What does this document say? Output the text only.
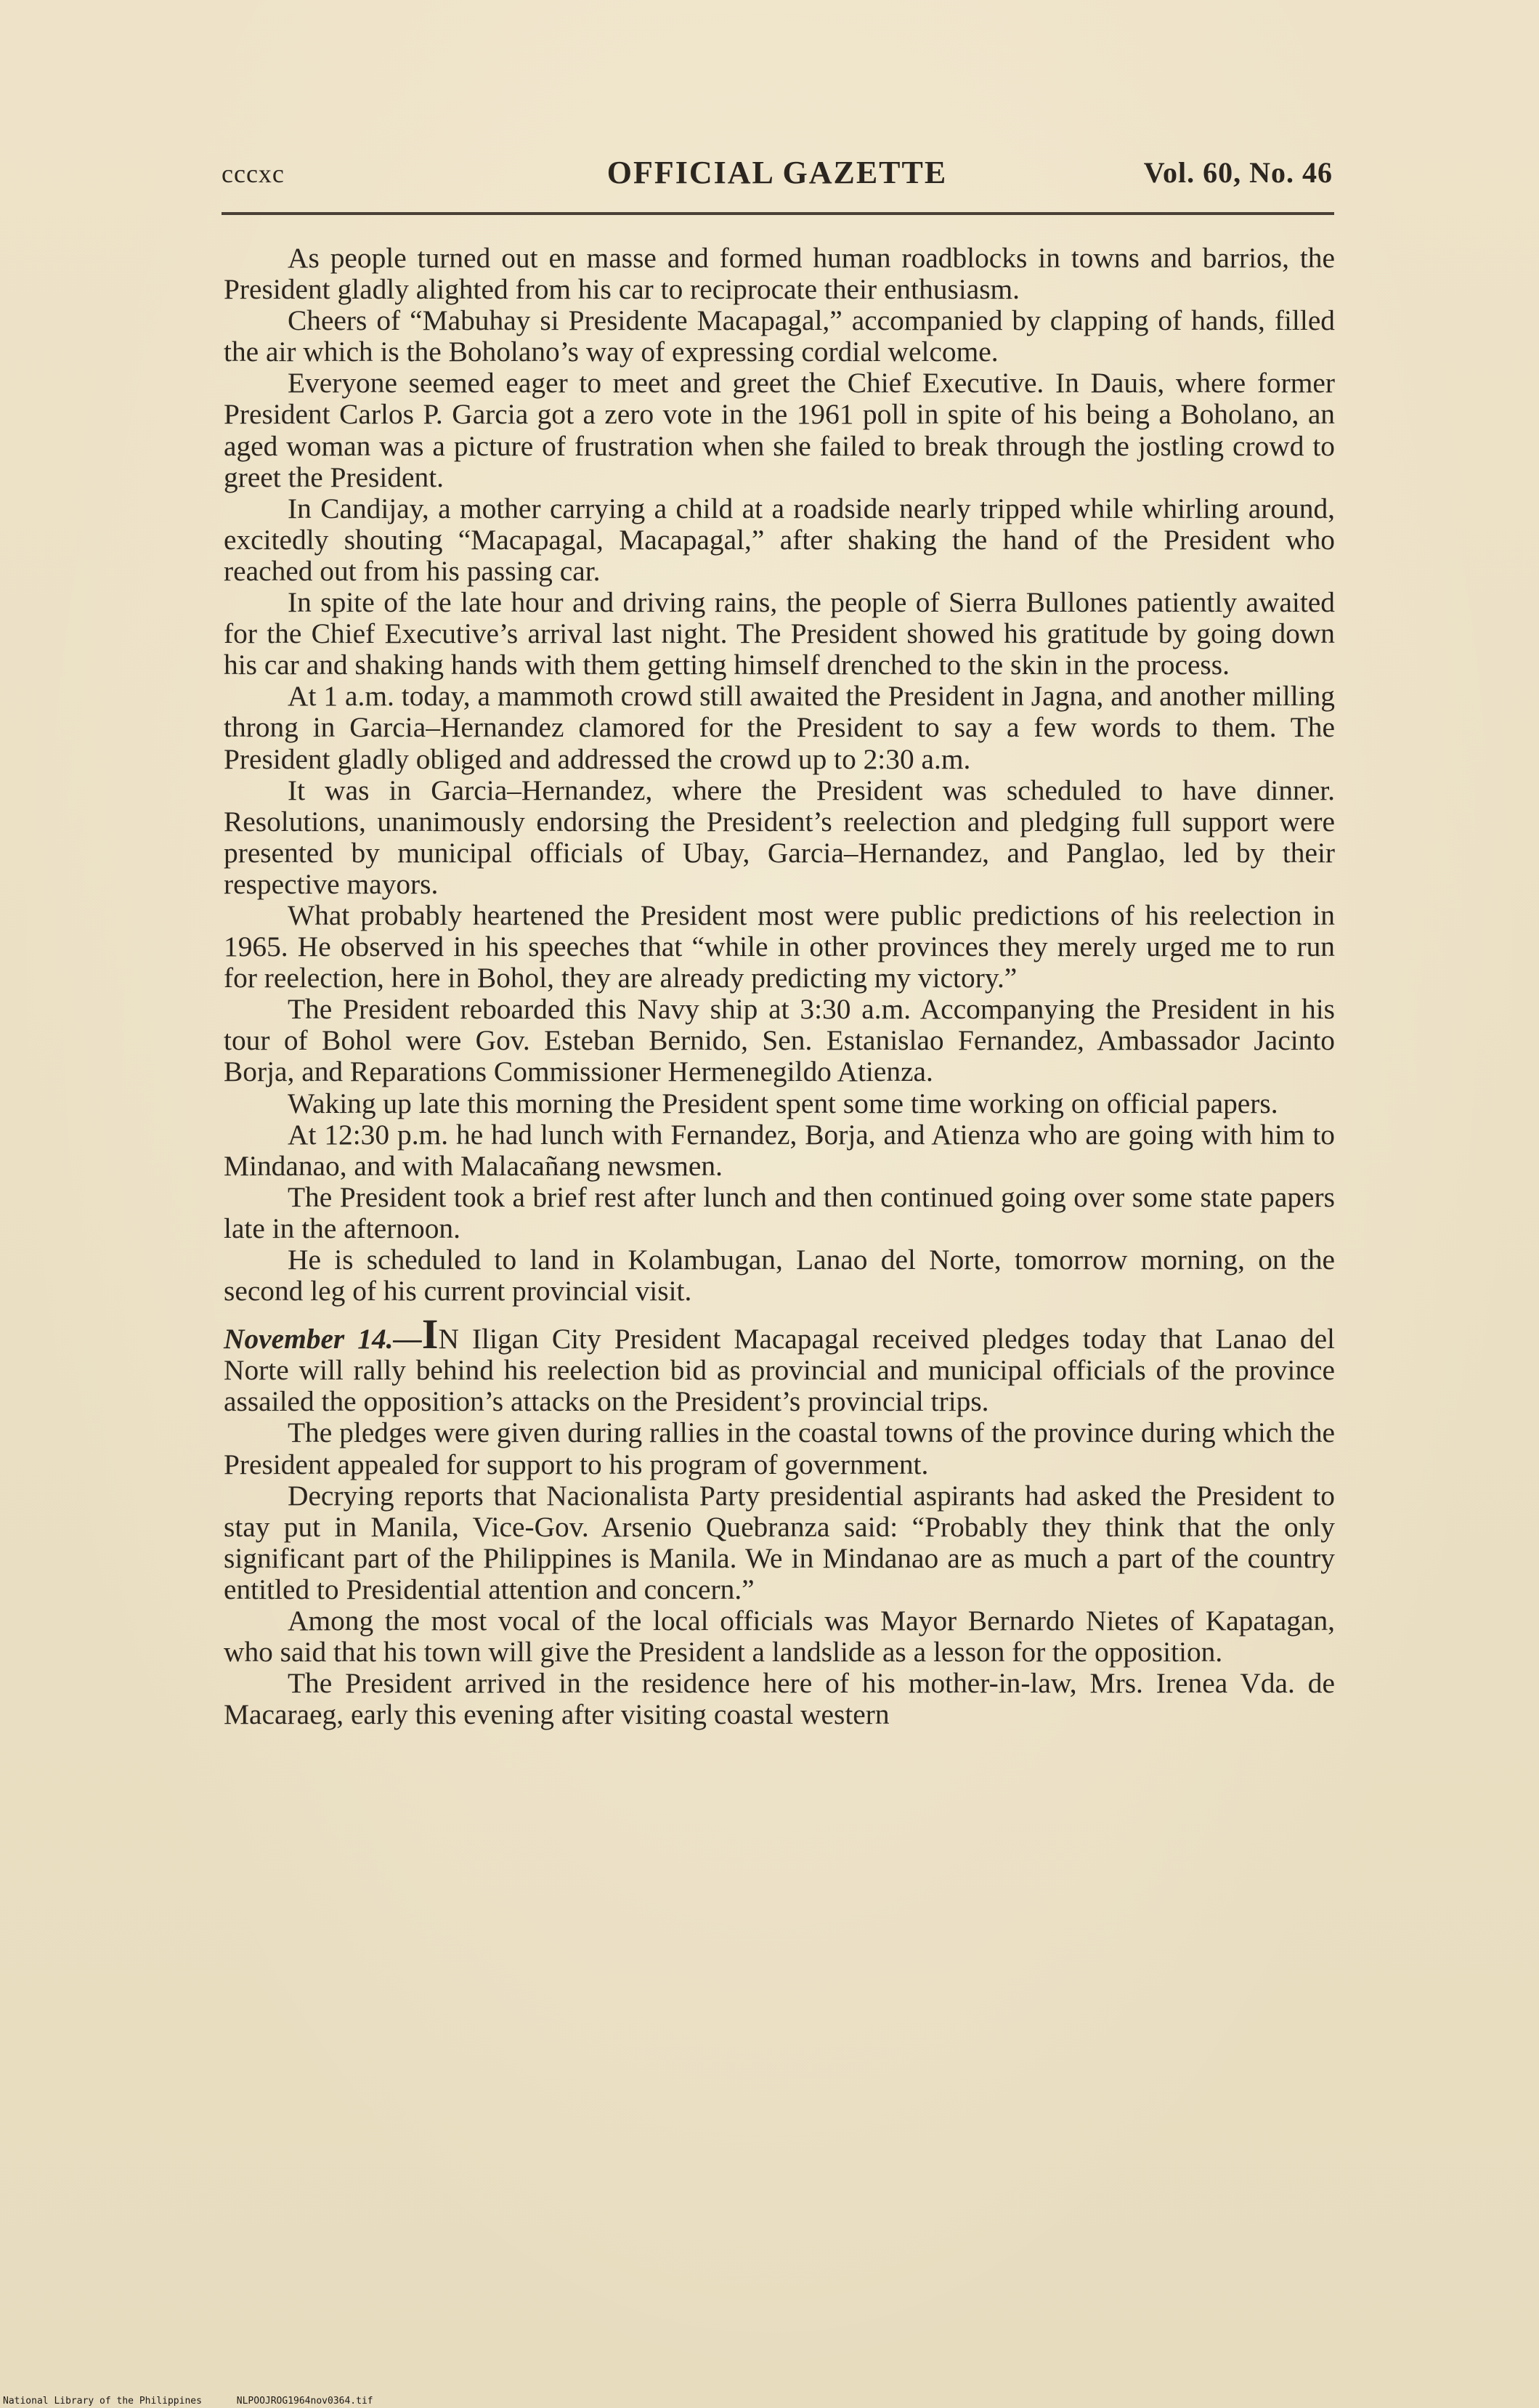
cccxc	OFFICIAL GAZETTE	Vol. 60, No. 46

As people turned out en masse and formed human roadblocks in towns and barrios, the President gladly alighted from his car to reciprocate their enthusiasm.

Cheers of “Mabuhay si Presidente Macapagal,” accompanied by clapping of hands, filled the air which is the Boholano’s way of expressing cordial welcome.

Everyone seemed eager to meet and greet the Chief Executive. In Dauis, where former President Carlos P. Garcia got a zero vote in the 1961 poll in spite of his being a Boholano, an aged woman was a picture of frustration when she failed to break through the jostling crowd to greet the President.

In Candijay, a mother carrying a child at a roadside nearly tripped while whirling around, excitedly shouting “Macapagal, Macapagal,” after shaking the hand of the President who reached out from his passing car.

In spite of the late hour and driving rains, the people of Sierra Bullones patiently awaited for the Chief Executive’s arrival last night. The President showed his gratitude by going down his car and shaking hands with them getting himself drenched to the skin in the process.

At 1 a.m. today, a mammoth crowd still awaited the President in Jagna, and another milling throng in Garcia–Hernandez clamored for the President to say a few words to them. The President gladly obliged and addressed the crowd up to 2:30 a.m.

It was in Garcia–Hernandez, where the President was scheduled to have dinner. Resolutions, unanimously endorsing the President’s reelection and pledging full support were presented by municipal officials of Ubay, Garcia–Hernandez, and Panglao, led by their respective mayors.

What probably heartened the President most were public predictions of his reelection in 1965. He observed in his speeches that “while in other provinces they merely urged me to run for reelection, here in Bohol, they are already predicting my victory.”

The President reboarded this Navy ship at 3:30 a.m. Accompanying the President in his tour of Bohol were Gov. Esteban Bernido, Sen. Estanislao Fernandez, Ambassador Jacinto Borja, and Reparations Commissioner Hermenegildo Atienza.

Waking up late this morning the President spent some time working on official papers.

At 12:30 p.m. he had lunch with Fernandez, Borja, and Atienza who are going with him to Mindanao, and with Malacañang newsmen.

The President took a brief rest after lunch and then continued going over some state papers late in the afternoon.

He is scheduled to land in Kolambugan, Lanao del Norte, tomorrow morning, on the second leg of his current provincial visit.

November 14.—IN Iligan City President Macapagal received pledges today that Lanao del Norte will rally behind his reelection bid as provincial and municipal officials of the province assailed the opposition’s attacks on the President’s provincial trips.

The pledges were given during rallies in the coastal towns of the province during which the President appealed for support to his program of government.

Decrying reports that Nacionalista Party presidential aspirants had asked the President to stay put in Manila, Vice-Gov. Arsenio Quebranza said: “Probably they think that the only significant part of the Philippines is Manila. We in Mindanao are as much a part of the country entitled to Presidential attention and concern.”

Among the most vocal of the local officials was Mayor Bernardo Nietes of Kapatagan, who said that his town will give the President a landslide as a lesson for the opposition.

The President arrived in the residence here of his mother-in-law, Mrs. Irenea Vda. de Macaraeg, early this evening after visiting coastal western

National Library of the Philippines	NLPOOJROG1964nov0364.tif
